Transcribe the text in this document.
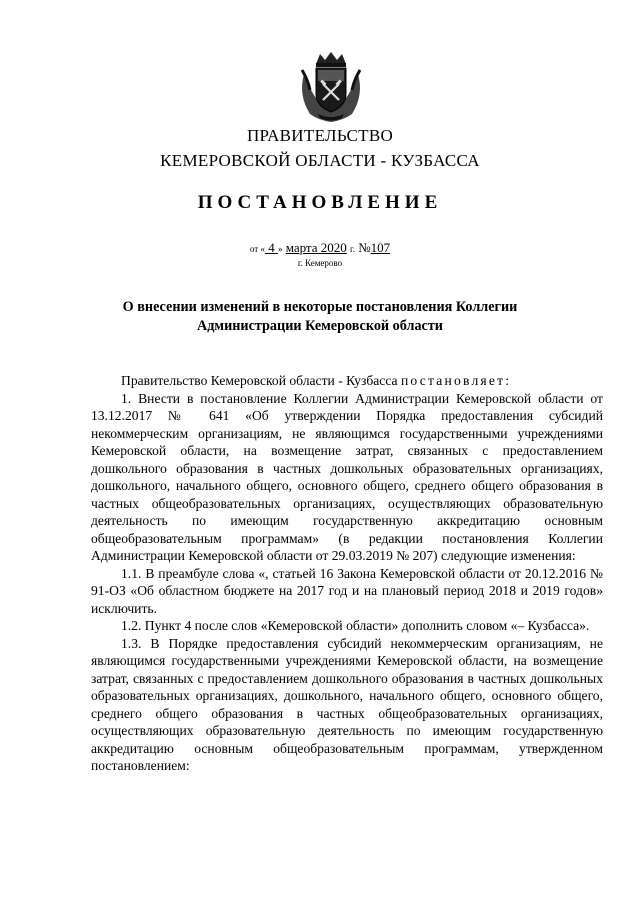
ПРАВИТЕЛЬСТВО
КЕМЕРОВСКОЙ ОБЛАСТИ - КУЗБАССА
ПОСТАНОВЛЕНИЕ
от « 4 » марта 2020 г. №107
г. Кемерово
О внесении изменений в некоторые постановления Коллегии
Администрации Кемеровской области

Правительство Кемеровской области - Кузбасса постановляет:

1. Внести в постановление Коллегии Администрации Кемеровской области от 13.12.2017 № 641 «Об утверждении Порядка предоставления субсидий некоммерческим организациям, не являющимся государственными учреждениями Кемеровской области, на возмещение затрат, связанных с предоставлением дошкольного образования в частных дошкольных образовательных организациях, дошкольного, начального общего, основного общего, среднего общего образования в частных общеобразовательных организациях, осуществляющих образовательную деятельность по имеющим государственную аккредитацию основным общеобразовательным программам» (в редакции постановления Коллегии Администрации Кемеровской области от 29.03.2019 № 207) следующие изменения:

1.1. В преамбуле слова «, статьей 16 Закона Кемеровской области от 20.12.2016 № 91-ОЗ «Об областном бюджете на 2017 год и на плановый период 2018 и 2019 годов» исключить.

1.2. Пункт 4 после слов «Кемеровской области» дополнить словом «– Кузбасса».

1.3. В Порядке предоставления субсидий некоммерческим организациям, не являющимся государственными учреждениями Кемеровской области, на возмещение затрат, связанных с предоставлением дошкольного образования в частных дошкольных образовательных организациях, дошкольного, начального общего, основного общего, среднего общего образования в частных общеобразовательных организациях, осуществляющих образовательную деятельность по имеющим государственную аккредитацию основным общеобразовательным программам, утвержденном постановлением:
